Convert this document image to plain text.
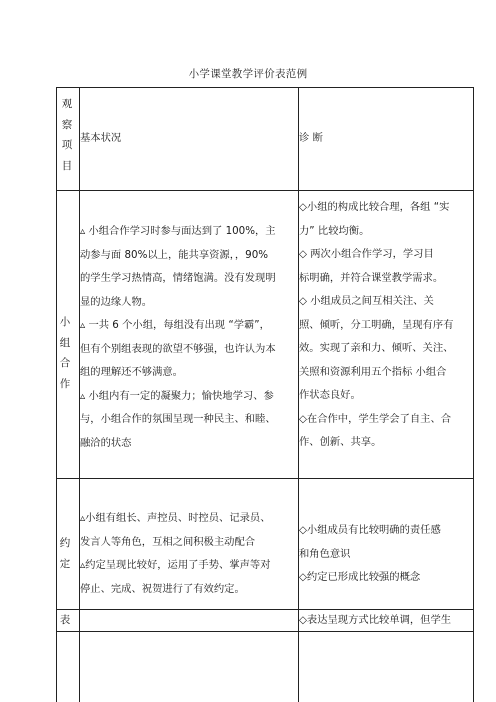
小学课堂教学评价表范例
观
察
项
目
基本状况	诊 断
小
组
合
作
▵ 小组合作学习时参与面达到了 100%，主
动参与面 80%以上，能共享资源，，90%
的学生学习热情高，情绪饱满。没有发现明
显的边缘人物。
▵ 一共 6 个小组，每组没有出现 “学霸”，
但有个别组表现的欲望不够强，也许认为本
组的理解还不够满意。
▵ 小组内有一定的凝聚力；愉快地学习、参
与，小组合作的氛围呈现一种民主、和睦、
融洽的状态
◇小组的构成比较合理，各组 “实
力” 比较均衡。
◇ 两次小组合作学习，学习目
标明确，并符合课堂教学需求。
◇ 小组成员之间互相关注、关
照、倾听，分工明确，呈现有序有
效。实现了亲和力、倾听、关注、
关照和资源利用五个指标 小组合
作状态良好。
◇在合作中，学生学会了自主、合
作、创新、共享。
约
定
▵小组有组长、声控员、时控员、记录员、
发言人等角色，互相之间积极主动配合
▵约定呈现比较好，运用了手势、掌声等对
停止、完成、祝贺进行了有效约定。
◇小组成员有比较明确的责任感
和角色意识
◇约定已形成比较强的概念
表	◇表达呈现方式比较单调，但学生
